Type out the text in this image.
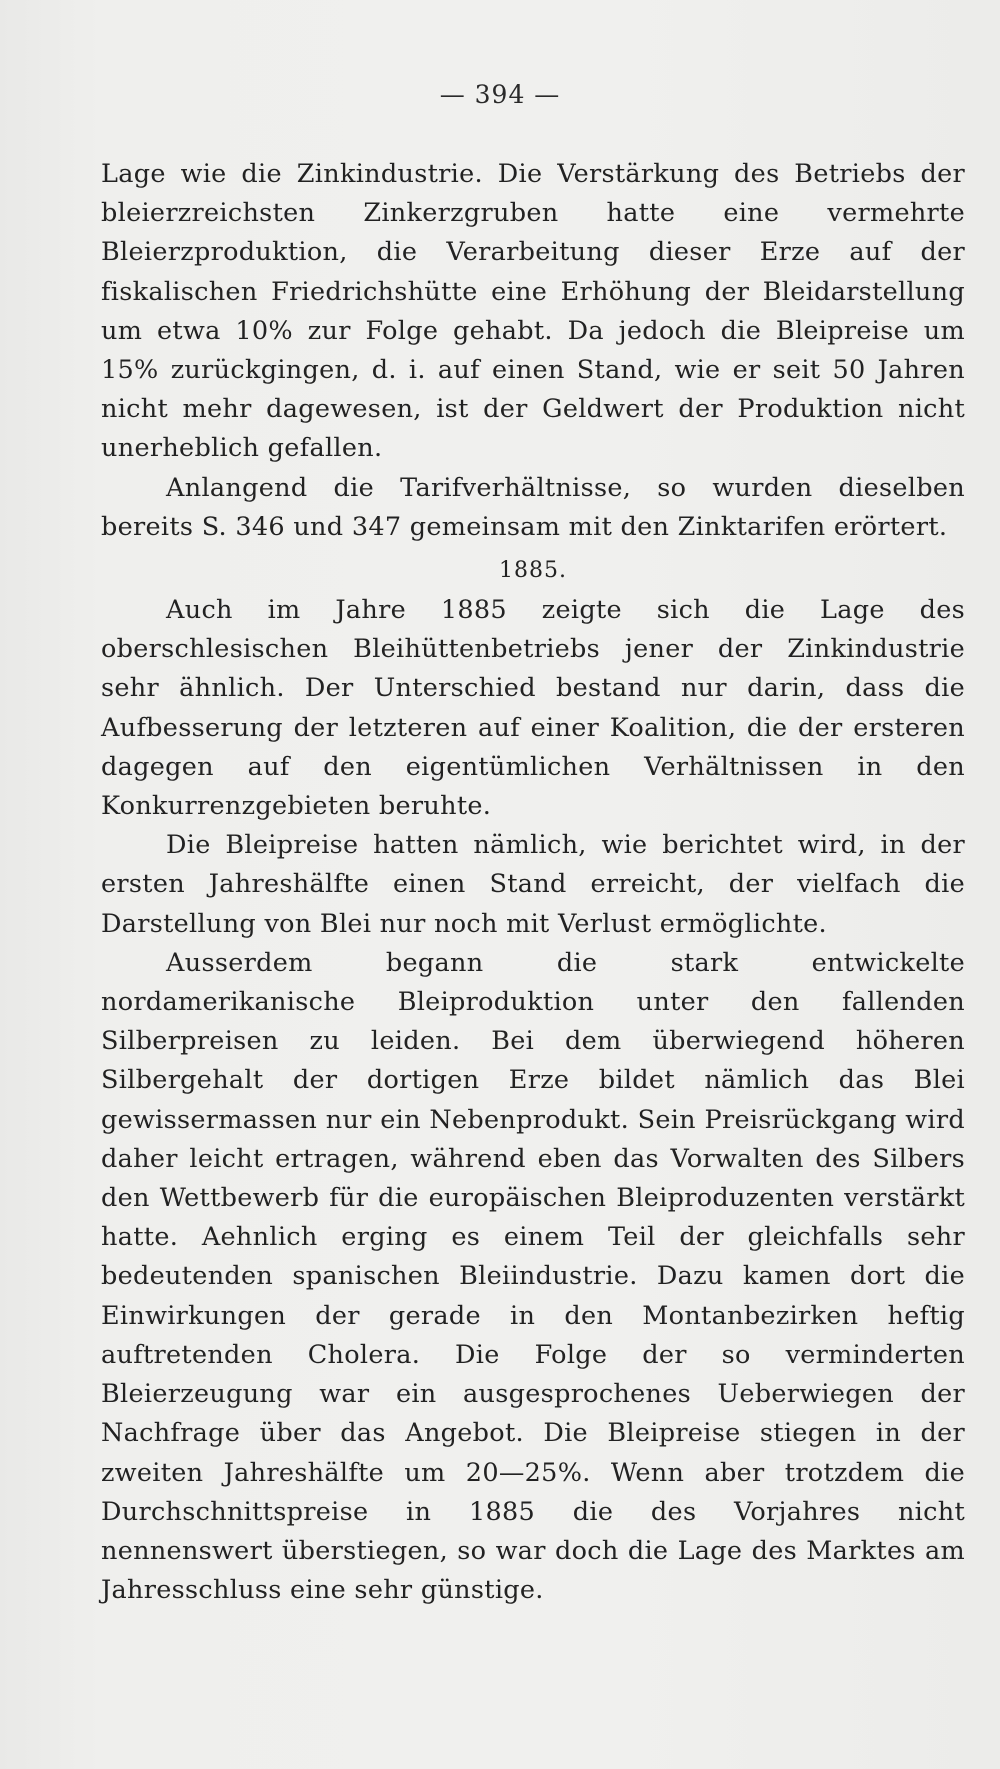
— 394 —

Lage wie die Zinkindustrie. Die Verstärkung des Betriebs der bleierzreichsten Zinkerzgruben hatte eine vermehrte Bleierzproduktion, die Verarbeitung dieser Erze auf der fiskalischen Friedrichshütte eine Erhöhung der Bleidarstellung um etwa 10% zur Folge gehabt. Da jedoch die Bleipreise um 15% zurückgingen, d. i. auf einen Stand, wie er seit 50 Jahren nicht mehr dagewesen, ist der Geldwert der Produktion nicht unerheblich gefallen.

Anlangend die Tarifverhältnisse, so wurden dieselben bereits S. 346 und 347 gemeinsam mit den Zinktarifen erörtert.

1885.

Auch im Jahre 1885 zeigte sich die Lage des oberschlesischen Bleihüttenbetriebs jener der Zinkindustrie sehr ähnlich. Der Unterschied bestand nur darin, dass die Aufbesserung der letzteren auf einer Koalition, die der ersteren dagegen auf den eigentümlichen Verhältnissen in den Konkurrenzgebieten beruhte.

Die Bleipreise hatten nämlich, wie berichtet wird, in der ersten Jahreshälfte einen Stand erreicht, der vielfach die Darstellung von Blei nur noch mit Verlust ermöglichte.

Ausserdem begann die stark entwickelte nordamerikanische Bleiproduktion unter den fallenden Silberpreisen zu leiden. Bei dem überwiegend höheren Silbergehalt der dortigen Erze bildet nämlich das Blei gewissermassen nur ein Nebenprodukt. Sein Preisrückgang wird daher leicht ertragen, während eben das Vorwalten des Silbers den Wettbewerb für die europäischen Bleiproduzenten verstärkt hatte. Aehnlich erging es einem Teil der gleichfalls sehr bedeutenden spanischen Bleiindustrie. Dazu kamen dort die Einwirkungen der gerade in den Montanbezirken heftig auftretenden Cholera. Die Folge der so verminderten Bleierzeugung war ein ausgesprochenes Ueberwiegen der Nachfrage über das Angebot. Die Bleipreise stiegen in der zweiten Jahreshälfte um 20—25%. Wenn aber trotzdem die Durchschnittspreise in 1885 die des Vorjahres nicht nennenswert überstiegen, so war doch die Lage des Marktes am Jahresschluss eine sehr günstige.
